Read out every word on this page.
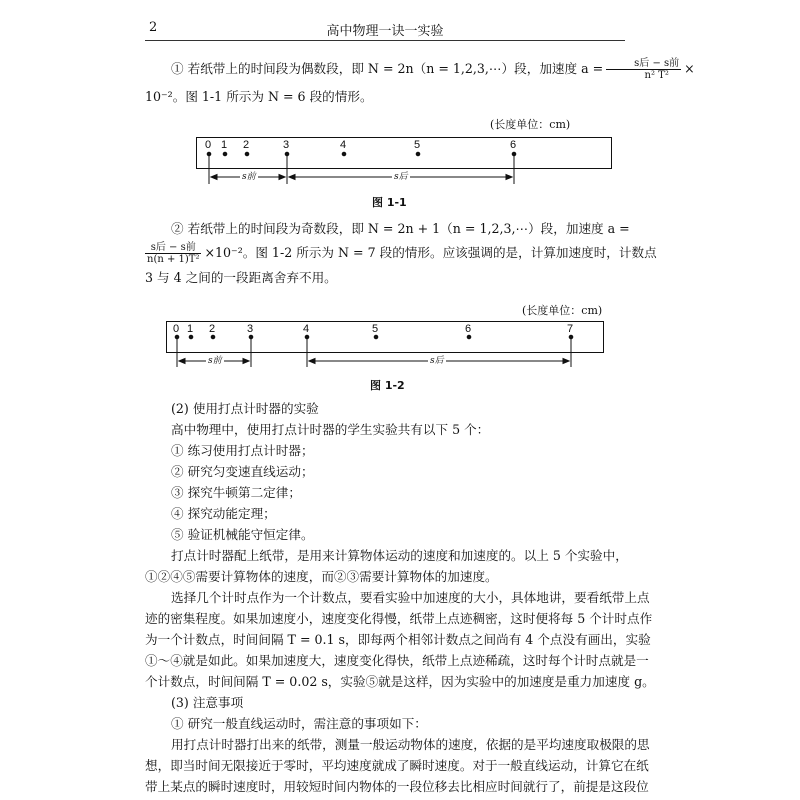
2	高中物理一诀一实验

① 若纸带上的时间段为偶数段，即 N = 2n（n = 1,2,3,⋯）段，加速度 $a = \frac{\text{s后 − s前}}{\text{n² T²}}$ ×

10⁻²。图 1-1 所示为 N = 6 段的情形。

(长度单位：cm)
0 1 2	3	4	5	6
s前	s后
图 1-1

② 若纸带上的时间段为奇数段，即 N = 2n + 1（n = 1,2,3,⋯）段，加速度 a =

$\frac{\text{s后 − s前}}{\text{n(n + 1)T²}} \times 10^{-2}$。图 1-2 所示为 N = 7 段的情形。应该强调的是，计算加速度时，计数点

3 与 4 之间的一段距离舍弃不用。

(长度单位：cm)
0 1 2	3	4	5	6	7
s前	s后
图 1-2

(2) 使用打点计时器的实验

高中物理中，使用打点计时器的学生实验共有以下 5 个：

① 练习使用打点计时器；

② 研究匀变速直线运动；

③ 探究牛顿第二定律；

④ 探究动能定理；

⑤ 验证机械能守恒定律。

打点计时器配上纸带，是用来计算物体运动的速度和加速度的。以上 5 个实验中，

①②④⑤需要计算物体的速度，而②③需要计算物体的加速度。

选择几个计时点作为一个计数点，要看实验中加速度的大小，具体地讲，要看纸带上点

迹的密集程度。如果加速度小，速度变化得慢，纸带上点迹稠密，这时便将每 5 个计时点作

为一个计数点，时间间隔 T = 0.1 s，即每两个相邻计数点之间尚有 4 个点没有画出，实验

①～④就是如此。如果加速度大，速度变化得快，纸带上点迹稀疏，这时每个计时点就是一

个计数点，时间间隔 T = 0.02 s，实验⑤就是这样，因为实验中的加速度是重力加速度 g。

(3) 注意事项

① 研究一般直线运动时，需注意的事项如下：

用打点计时器打出来的纸带，测量一般运动物体的速度，依据的是平均速度取极限的思

想，即当时间无限接近于零时，平均速度就成了瞬时速度。对于一般直线运动，计算它在纸

带上某点的瞬时速度时，用较短时间内物体的一段位移去比相应时间就行了，前提是这段位
